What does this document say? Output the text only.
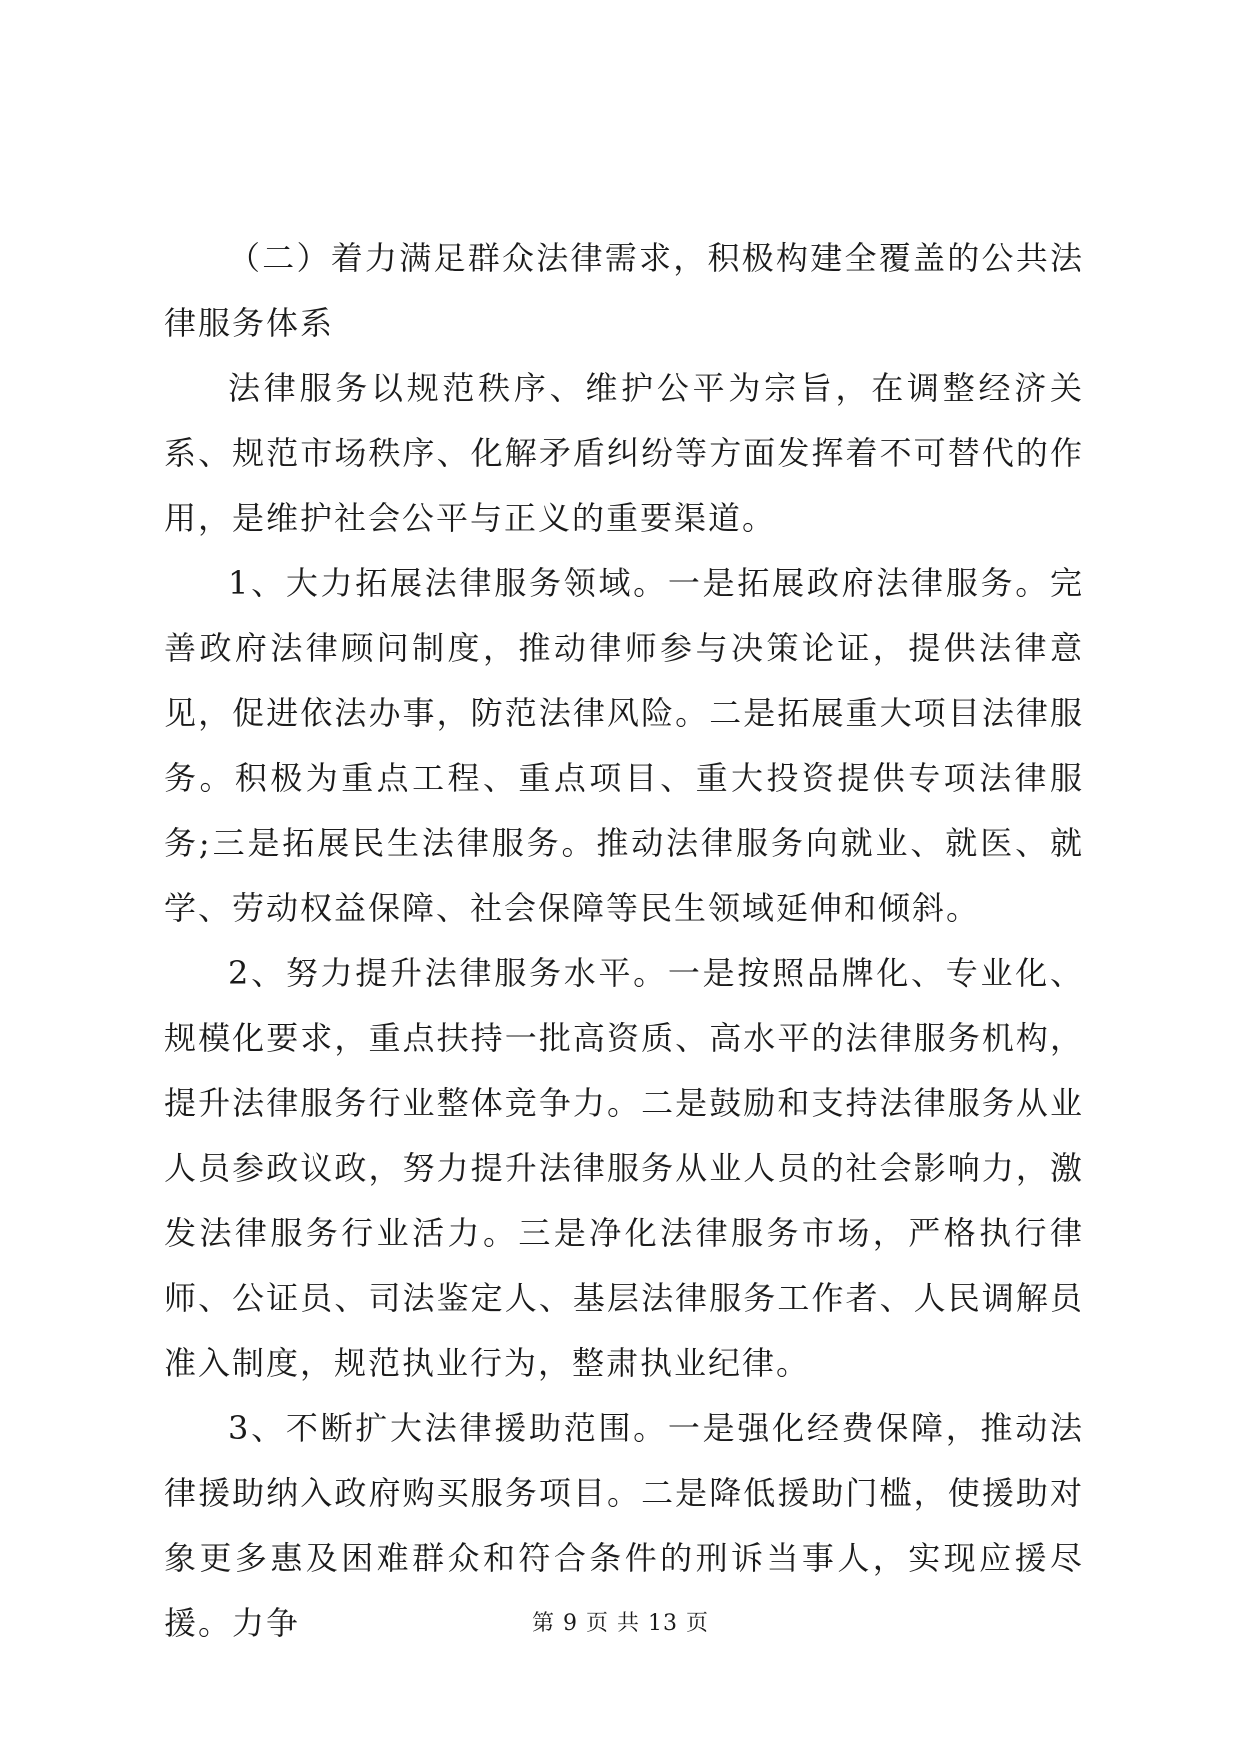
（二）着力满足群众法律需求，积极构建全覆盖的公共法律服务体系

法律服务以规范秩序、维护公平为宗旨，在调整经济关系、规范市场秩序、化解矛盾纠纷等方面发挥着不可替代的作用，是维护社会公平与正义的重要渠道。

1、大力拓展法律服务领域。一是拓展政府法律服务。完善政府法律顾问制度，推动律师参与决策论证，提供法律意见，促进依法办事，防范法律风险。二是拓展重大项目法律服务。积极为重点工程、重点项目、重大投资提供专项法律服务;三是拓展民生法律服务。推动法律服务向就业、就医、就学、劳动权益保障、社会保障等民生领域延伸和倾斜。

2、努力提升法律服务水平。一是按照品牌化、专业化、规模化要求，重点扶持一批高资质、高水平的法律服务机构，提升法律服务行业整体竞争力。二是鼓励和支持法律服务从业人员参政议政，努力提升法律服务从业人员的社会影响力，激发法律服务行业活力。三是净化法律服务市场，严格执行律师、公证员、司法鉴定人、基层法律服务工作者、人民调解员准入制度，规范执业行为，整肃执业纪律。

3、不断扩大法律援助范围。一是强化经费保障，推动法律援助纳入政府购买服务项目。二是降低援助门槛，使援助对象更多惠及困难群众和符合条件的刑诉当事人，实现应援尽援。力争	第 9 页 共 13 页
